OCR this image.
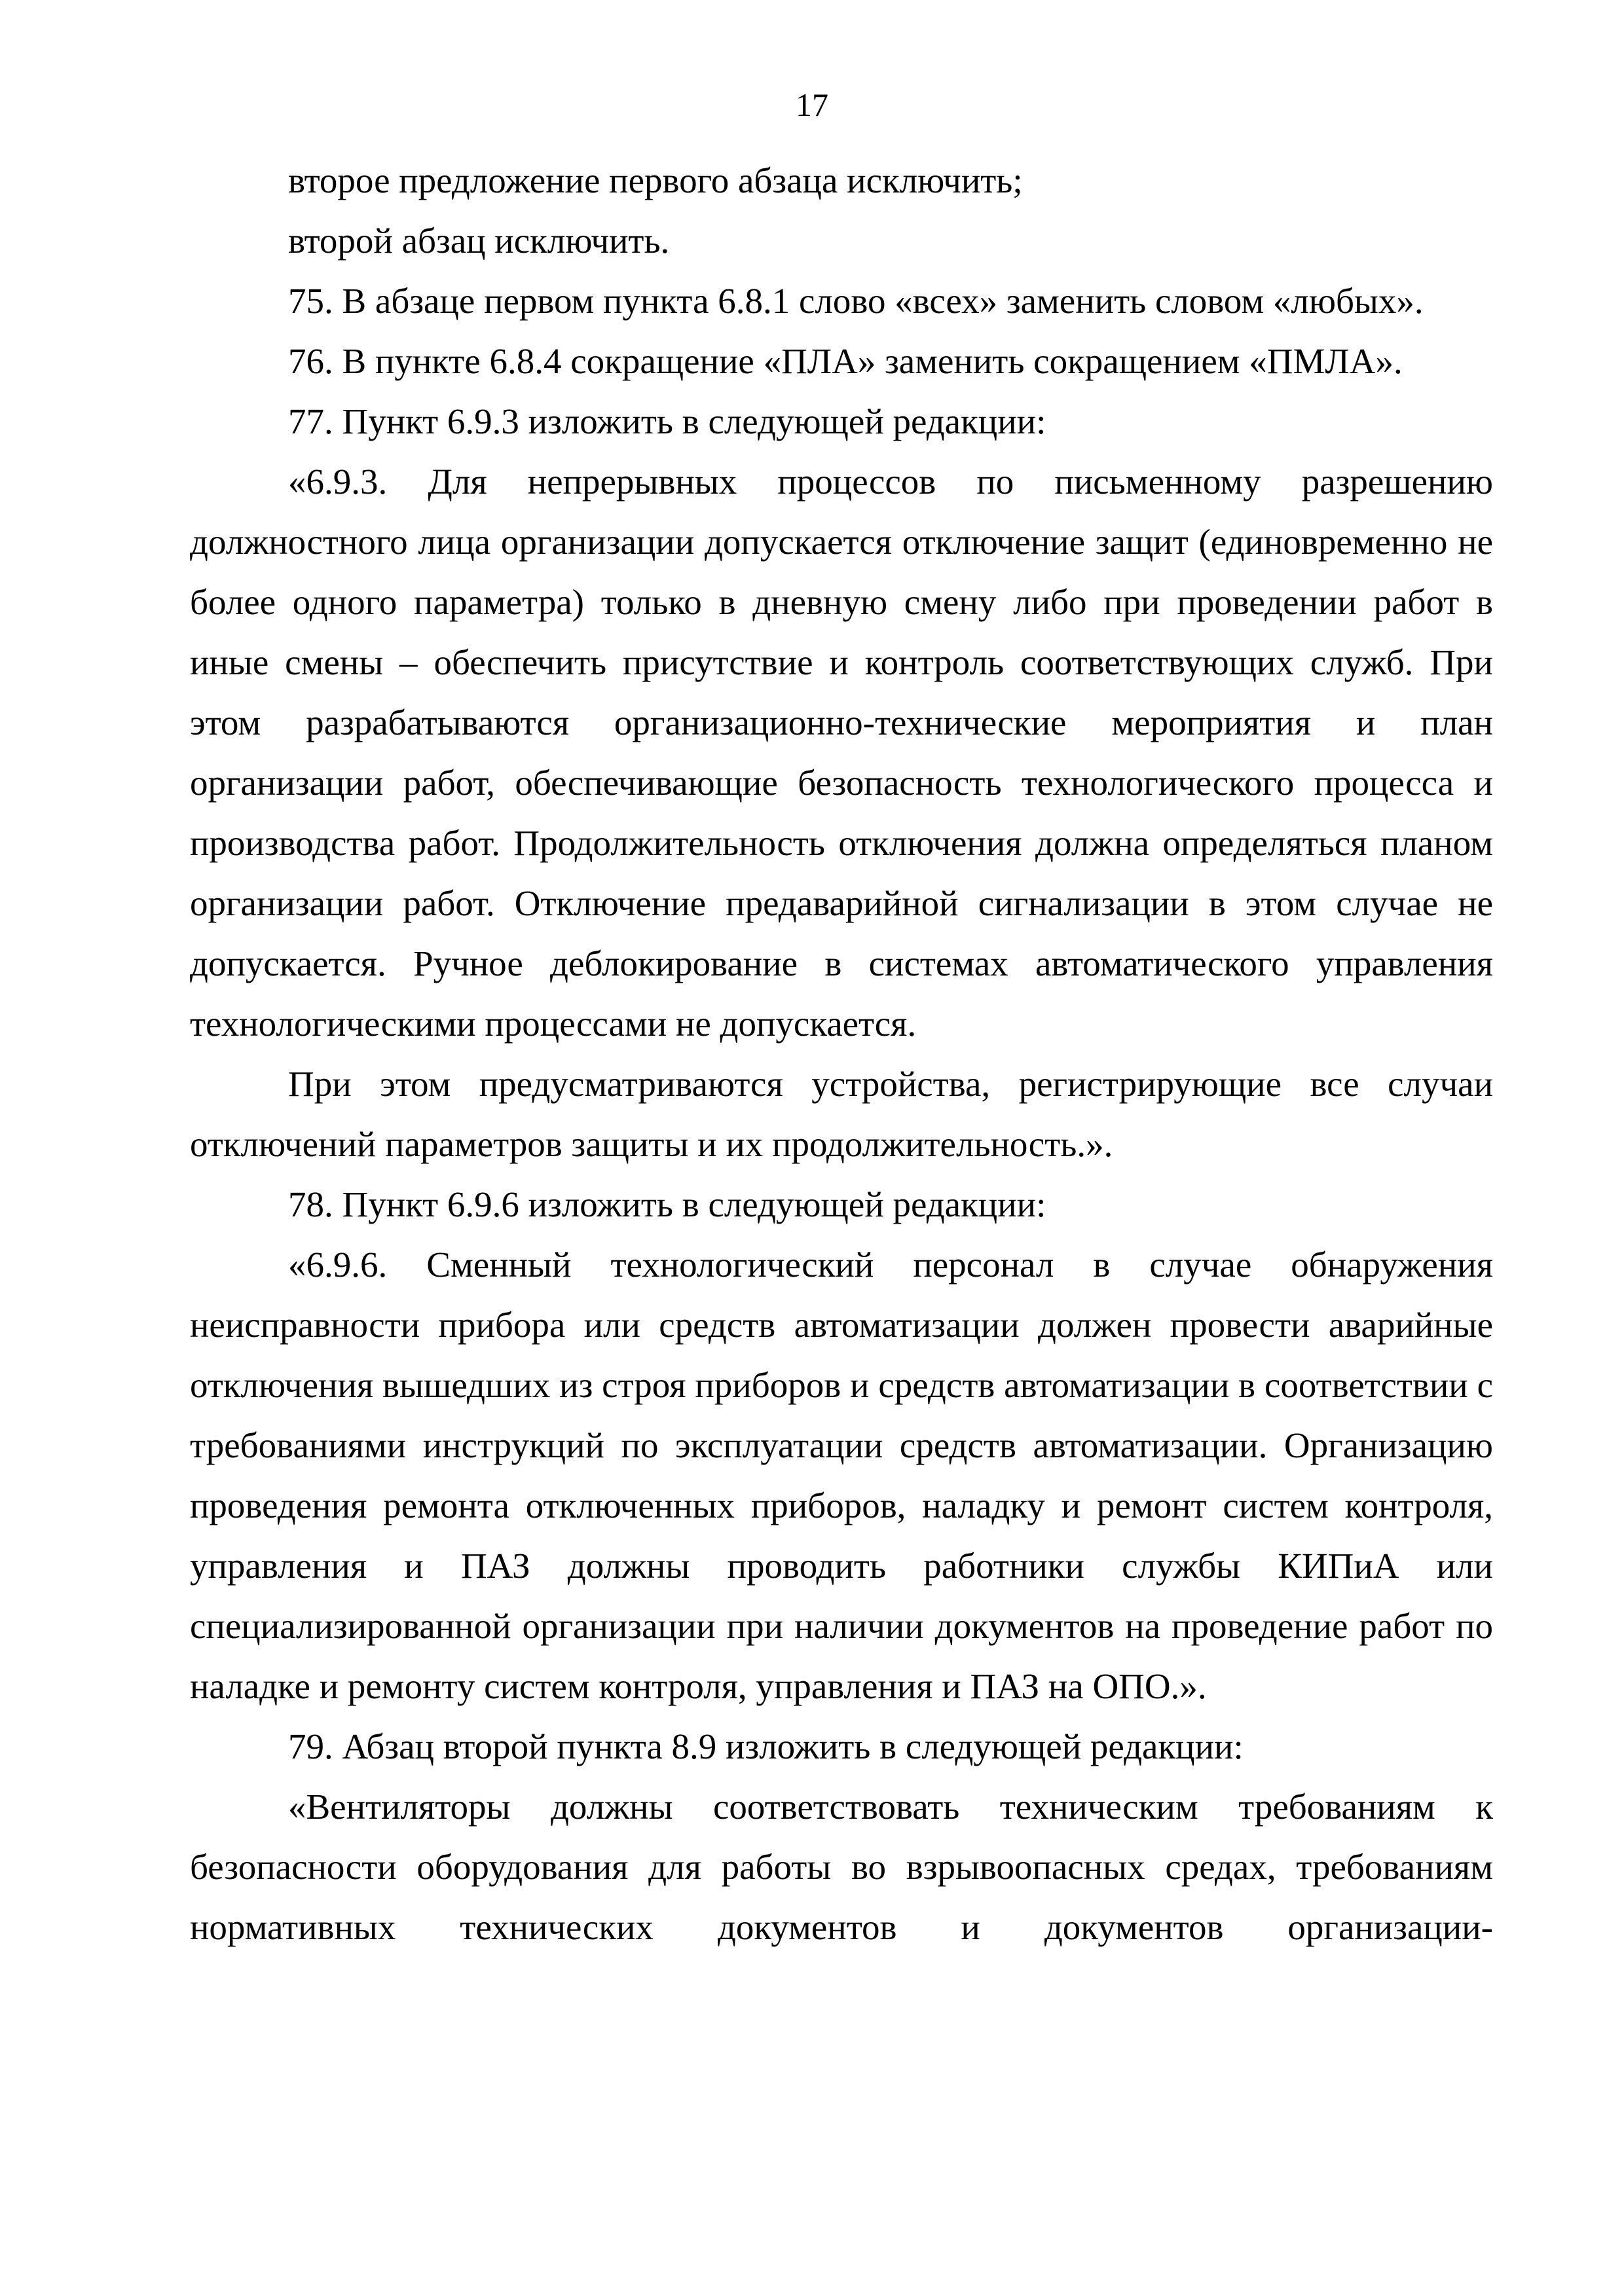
17

второе предложение первого абзаца исключить;

второй абзац исключить.

75. В абзаце первом пункта 6.8.1 слово «всех» заменить словом «любых».

76. В пункте 6.8.4 сокращение «ПЛА» заменить сокращением «ПМЛА».

77. Пункт 6.9.3 изложить в следующей редакции:

«6.9.3. Для непрерывных процессов по письменному разрешению должностного лица организации допускается отключение защит (единовременно не более одного параметра) только в дневную смену либо при проведении работ в иные смены – обеспечить присутствие и контроль соответствующих служб. При этом разрабатываются организационно-технические мероприятия и план организации работ, обеспечивающие безопасность технологического процесса и производства работ. Продолжительность отключения должна определяться планом организации работ. Отключение предаварийной сигнализации в этом случае не допускается. Ручное деблокирование в системах автоматического управления технологическими процессами не допускается.

При этом предусматриваются устройства, регистрирующие все случаи отключений параметров защиты и их продолжительность.».

78. Пункт 6.9.6 изложить в следующей редакции:

«6.9.6. Сменный технологический персонал в случае обнаружения неисправности прибора или средств автоматизации должен провести аварийные отключения вышедших из строя приборов и средств автоматизации в соответствии с требованиями инструкций по эксплуатации средств автоматизации. Организацию проведения ремонта отключенных приборов, наладку и ремонт систем контроля, управления и ПАЗ должны проводить работники службы КИПиА или специализированной организации при наличии документов на проведение работ по наладке и ремонту систем контроля, управления и ПАЗ на ОПО.».

79. Абзац второй пункта 8.9 изложить в следующей редакции:

«Вентиляторы должны соответствовать техническим требованиям к безопасности оборудования для работы во взрывоопасных средах, требованиям нормативных технических документов и документов организации-
